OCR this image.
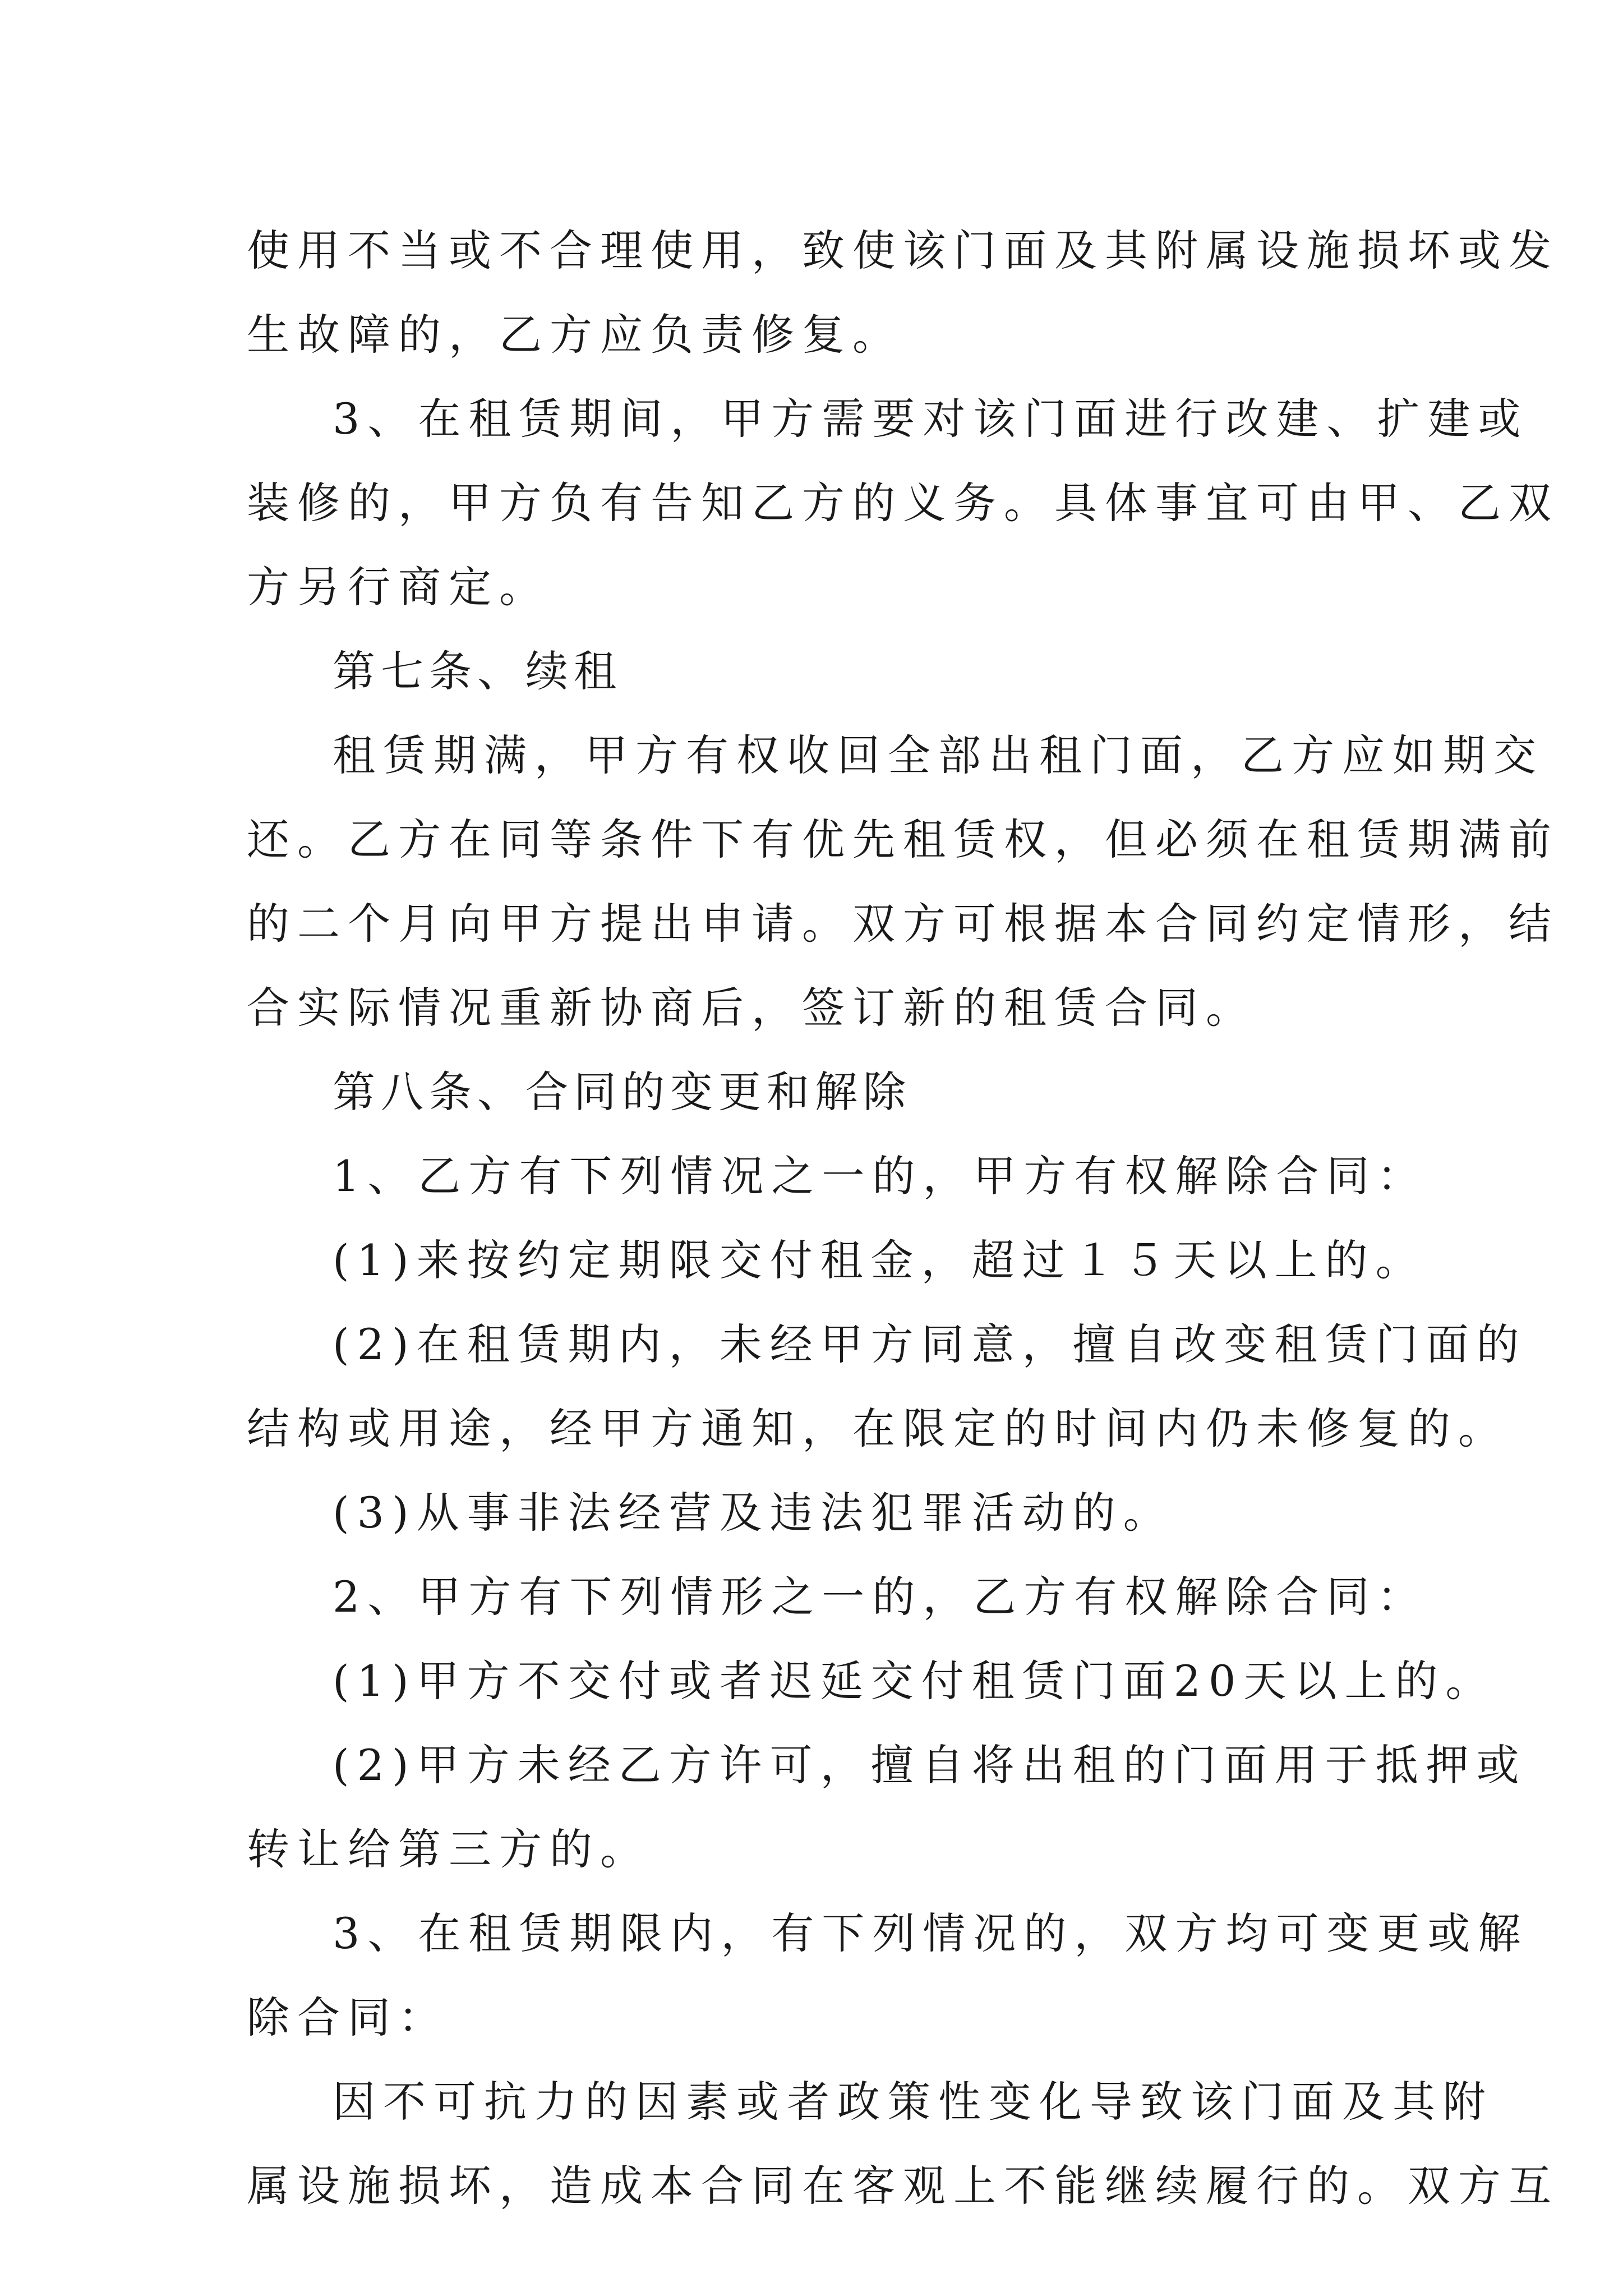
使用不当或不合理使用，致使该门面及其附属设施损坏或发
生故障的，乙方应负责修复。
3、在租赁期间，甲方需要对该门面进行改建、扩建或
装修的，甲方负有告知乙方的义务。具体事宜可由甲、乙双
方另行商定。
第七条、续租
租赁期满，甲方有权收回全部出租门面，乙方应如期交
还。乙方在同等条件下有优先租赁权，但必须在租赁期满前
的二个月向甲方提出申请。双方可根据本合同约定情形，结
合实际情况重新协商后，签订新的租赁合同。
第八条、合同的变更和解除
1、乙方有下列情况之一的，甲方有权解除合同：
(1)来按约定期限交付租金，超过１５天以上的。
(2)在租赁期内，未经甲方同意，擅自改变租赁门面的
结构或用途，经甲方通知，在限定的时间内仍未修复的。
(3)从事非法经营及违法犯罪活动的。
2、甲方有下列情形之一的，乙方有权解除合同：
(1)甲方不交付或者迟延交付租赁门面20天以上的。
(2)甲方未经乙方许可，擅自将出租的门面用于抵押或
转让给第三方的。
3、在租赁期限内，有下列情况的，双方均可变更或解
除合同：
因不可抗力的因素或者政策性变化导致该门面及其附
属设施损坏，造成本合同在客观上不能继续履行的。双方互
